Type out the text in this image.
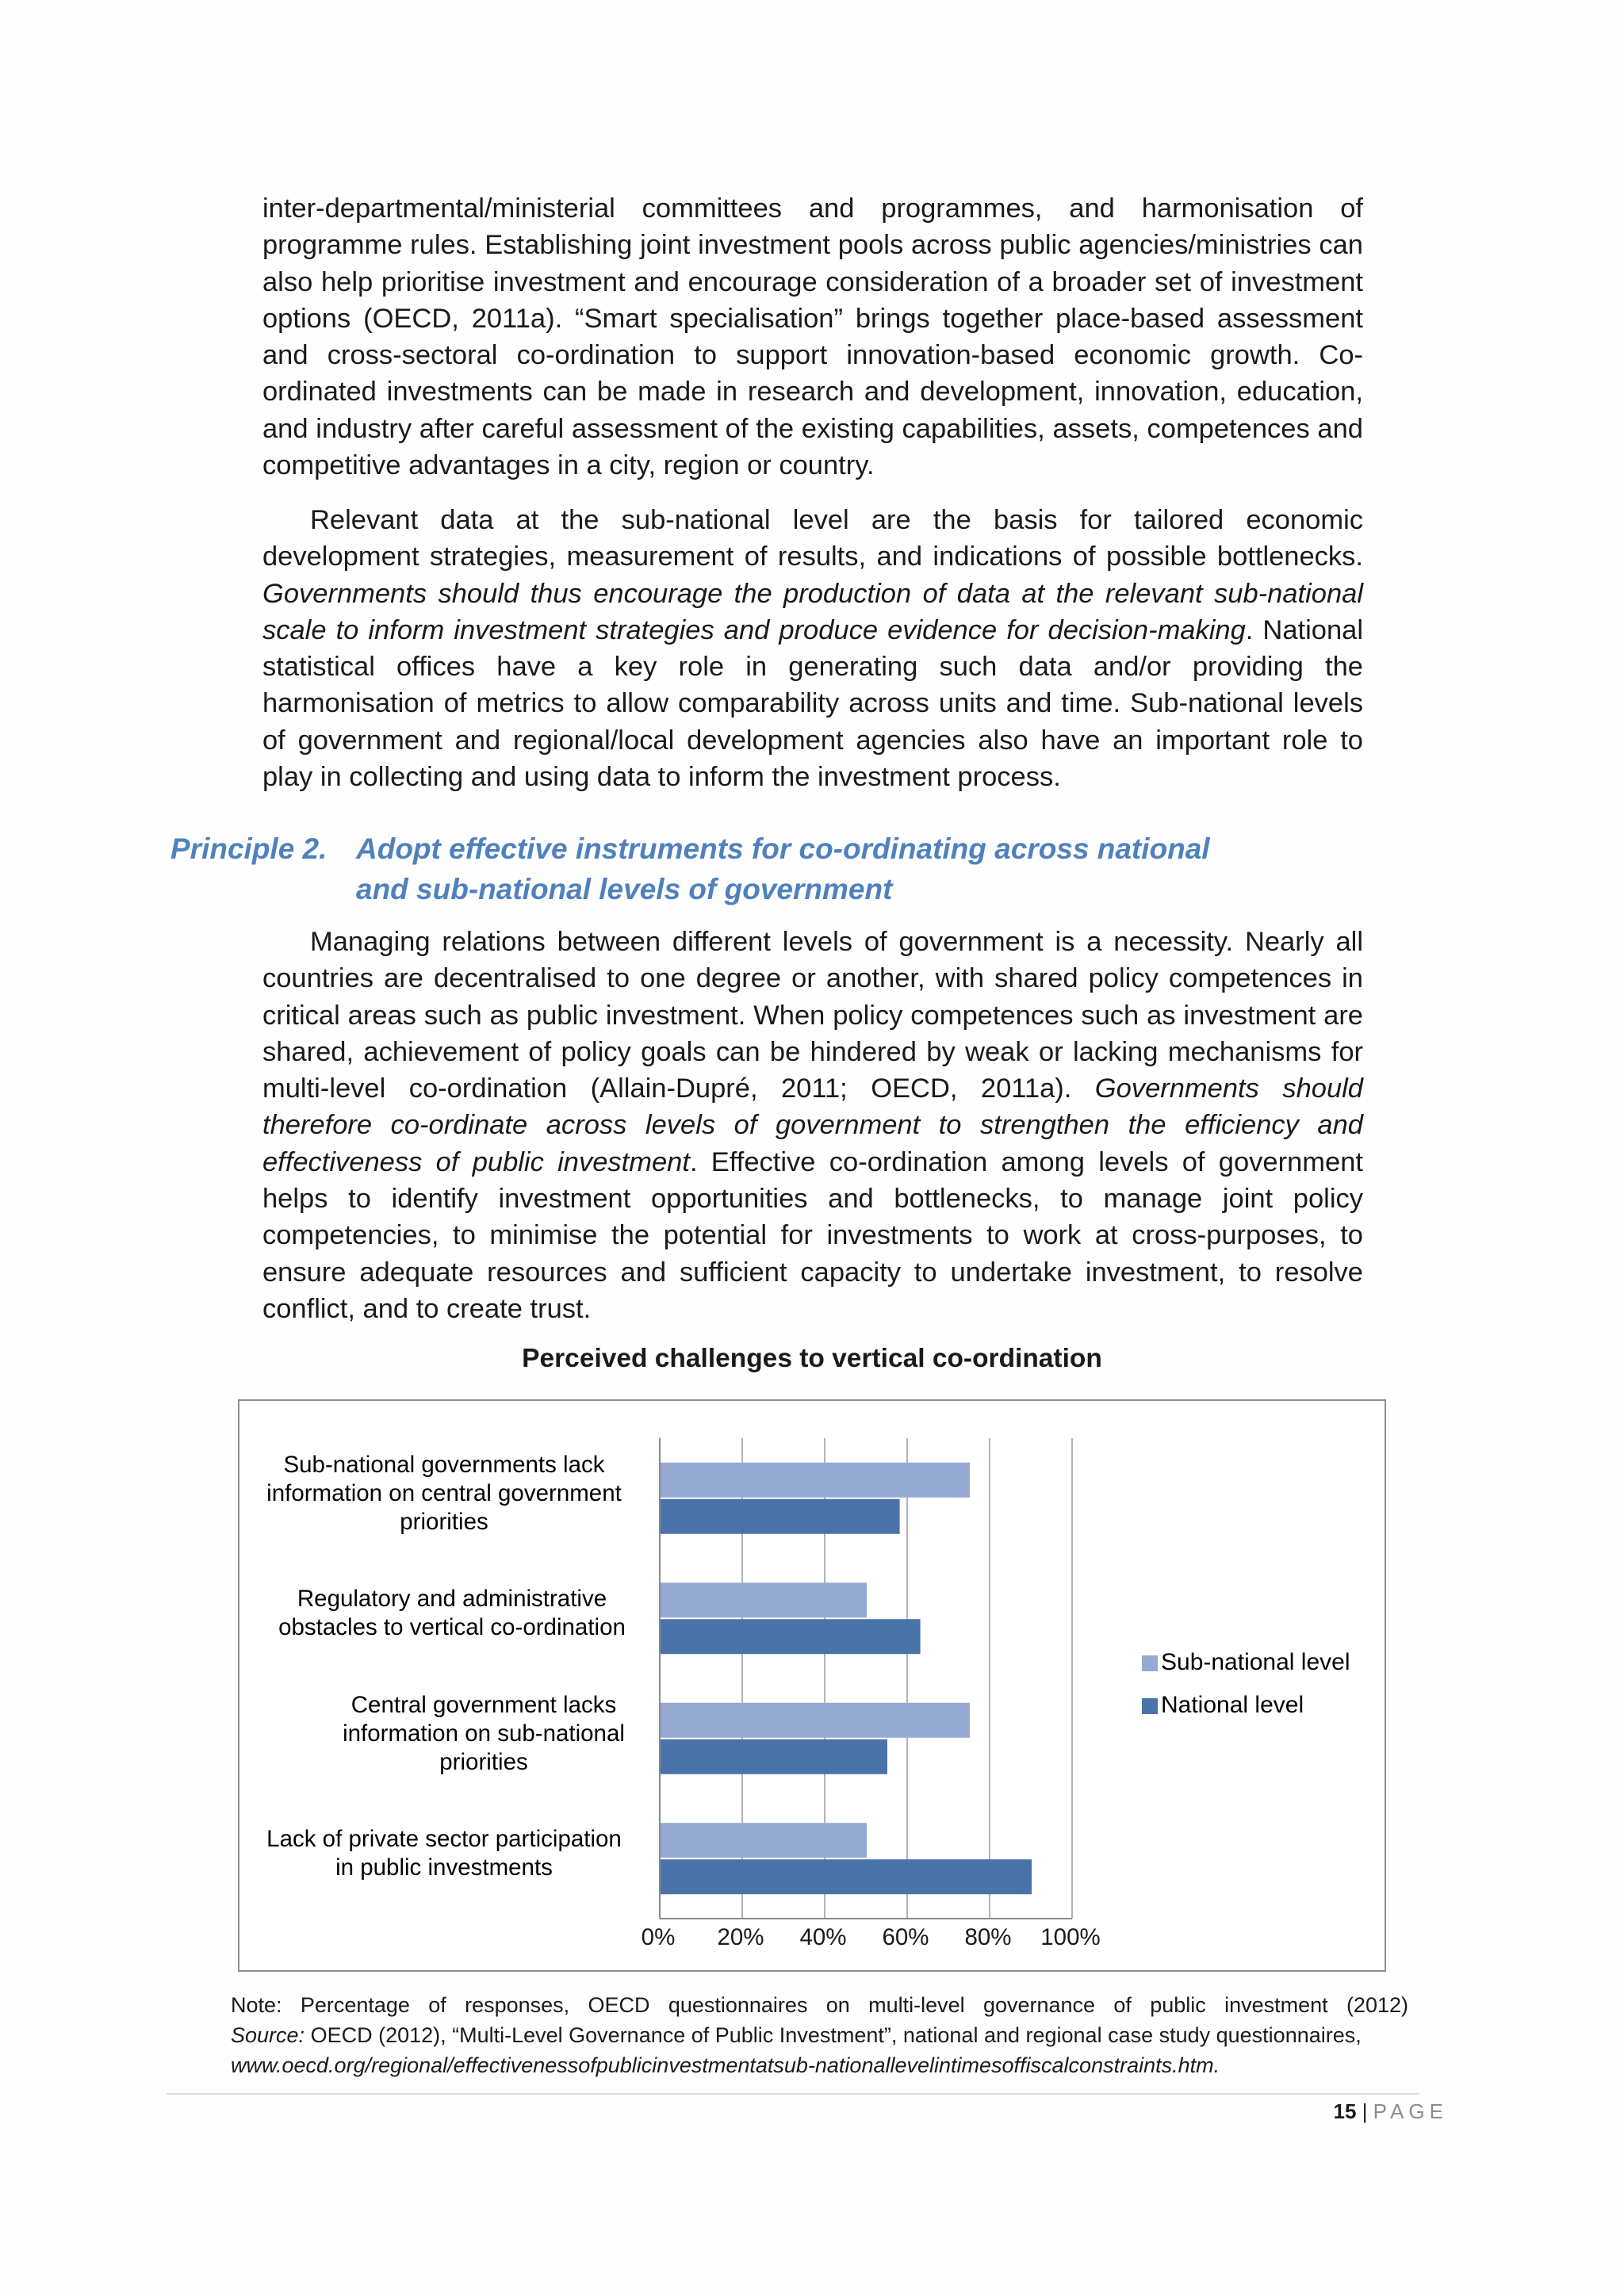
inter-departmental/ministerial committees and programmes, and harmonisation of programme rules. Establishing joint investment pools across public agencies/ministries can also help prioritise investment and encourage consideration of a broader set of investment options (OECD, 2011a). “Smart specialisation” brings together place-based assessment and cross-sectoral co-ordination to support innovation-based economic growth. Co-ordinated investments can be made in research and development, innovation, education, and industry after careful assessment of the existing capabilities, assets, competences and competitive advantages in a city, region or country.

Relevant data at the sub-national level are the basis for tailored economic development strategies, measurement of results, and indications of possible bottlenecks. Governments should thus encourage the production of data at the relevant sub-national scale to inform investment strategies and produce evidence for decision-making. National statistical offices have a key role in generating such data and/or providing the harmonisation of metrics to allow comparability across units and time. Sub-national levels of government and regional/local development agencies also have an important role to play in collecting and using data to inform the investment process.

Principle 2. Adopt effective instruments for co-ordinating across national and sub-national levels of government

Managing relations between different levels of government is a necessity. Nearly all countries are decentralised to one degree or another, with shared policy competences in critical areas such as public investment. When policy competences such as investment are shared, achievement of policy goals can be hindered by weak or lacking mechanisms for multi-level co-ordination (Allain-Dupré, 2011; OECD, 2011a). Governments should therefore co-ordinate across levels of government to strengthen the efficiency and effectiveness of public investment. Effective co-ordination among levels of government helps to identify investment opportunities and bottlenecks, to manage joint policy competencies, to minimise the potential for investments to work at cross-purposes, to ensure adequate resources and sufficient capacity to undertake investment, to resolve conflict, and to create trust.

Perceived challenges to vertical co-ordination
Sub-national governments lack
information on central government
priorities
Regulatory and administrative
obstacles to vertical co-ordination
Central government lacks
information on sub-national
priorities
Lack of private sector participation
in public investments
0% 20% 40% 60% 80% 100%
Sub-national level
National level

Note: Percentage of responses, OECD questionnaires on multi-level governance of public investment (2012)

Source: OECD (2012), “Multi-Level Governance of Public Investment”, national and regional case study questionnaires,

www.oecd.org/regional/effectivenessofpublicinvestmentatsub-nationallevelintimesoffiscalconstraints.htm.

15 | PAGE
